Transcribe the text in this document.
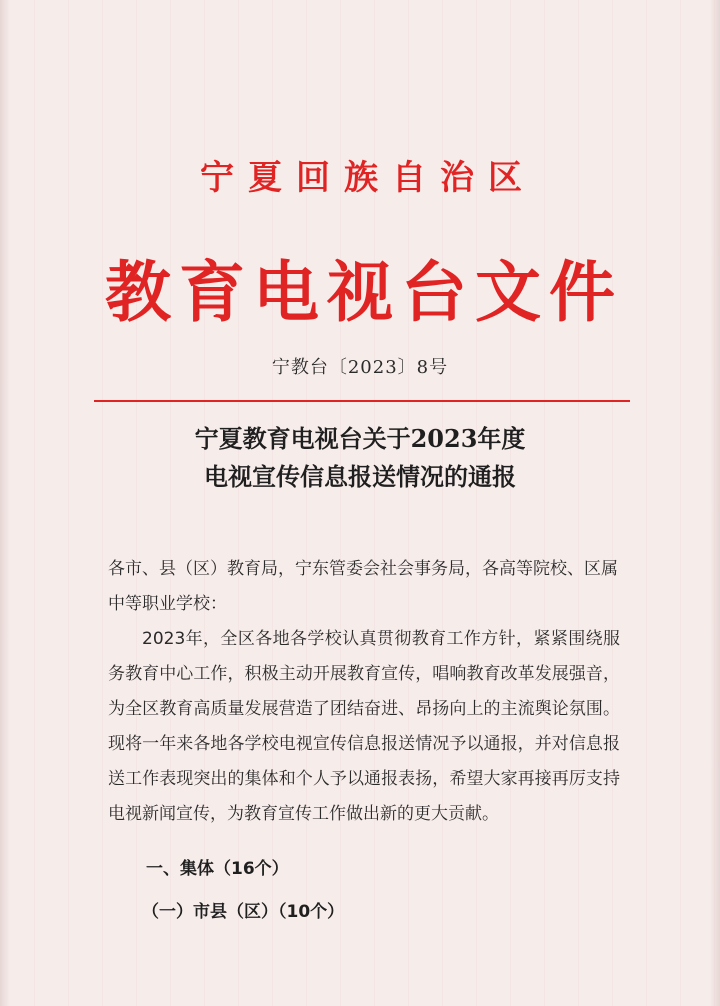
宁夏回族自治区
教育电视台文件
宁教台〔2023〕8号
宁夏教育电视台关于2023年度
电视宣传信息报送情况的通报

各市、县（区）教育局，宁东管委会社会事务局，各高等院校、区属中等职业学校：

2023年，全区各地各学校认真贯彻教育工作方针，紧紧围绕服务教育中心工作，积极主动开展教育宣传，唱响教育改革发展强音，为全区教育高质量发展营造了团结奋进、昂扬向上的主流舆论氛围。现将一年来各地各学校电视宣传信息报送情况予以通报，并对信息报送工作表现突出的集体和个人予以通报表扬，希望大家再接再厉支持电视新闻宣传，为教育宣传工作做出新的更大贡献。

一、集体（16个）
（一）市县（区）（10个）
